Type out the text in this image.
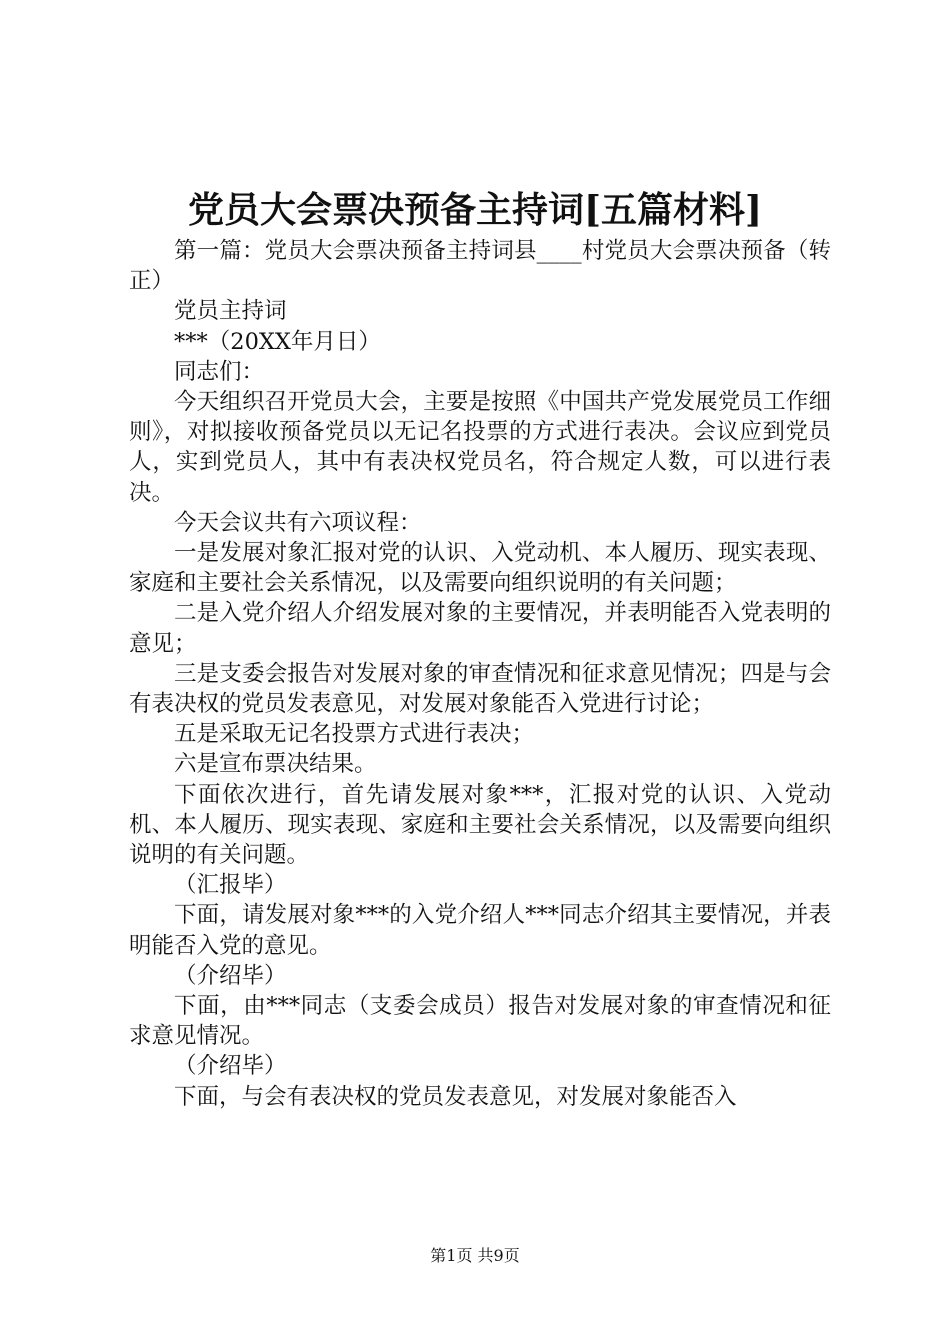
党员大会票决预备主持词[五篇材料]

第一篇：党员大会票决预备主持词县____村党员大会票决预备（转正）

党员主持词

***（20XX年月日）

同志们：

今天组织召开党员大会，主要是按照《中国共产党发展党员工作细则》，对拟接收预备党员以无记名投票的方式进行表决。会议应到党员人，实到党员人，其中有表决权党员名，符合规定人数，可以进行表决。

今天会议共有六项议程：

一是发展对象汇报对党的认识、入党动机、本人履历、现实表现、家庭和主要社会关系情况，以及需要向组织说明的有关问题；

二是入党介绍人介绍发展对象的主要情况，并表明能否入党表明的意见；

三是支委会报告对发展对象的审查情况和征求意见情况；四是与会有表决权的党员发表意见，对发展对象能否入党进行讨论；

五是采取无记名投票方式进行表决；

六是宣布票决结果。

下面依次进行，首先请发展对象***，汇报对党的认识、入党动机、本人履历、现实表现、家庭和主要社会关系情况，以及需要向组织说明的有关问题。

（汇报毕）

下面，请发展对象***的入党介绍人***同志介绍其主要情况，并表明能否入党的意见。

（介绍毕）

下面，由***同志（支委会成员）报告对发展对象的审查情况和征求意见情况。

（介绍毕）

下面，与会有表决权的党员发表意见，对发展对象能否入

第1页 共9页
